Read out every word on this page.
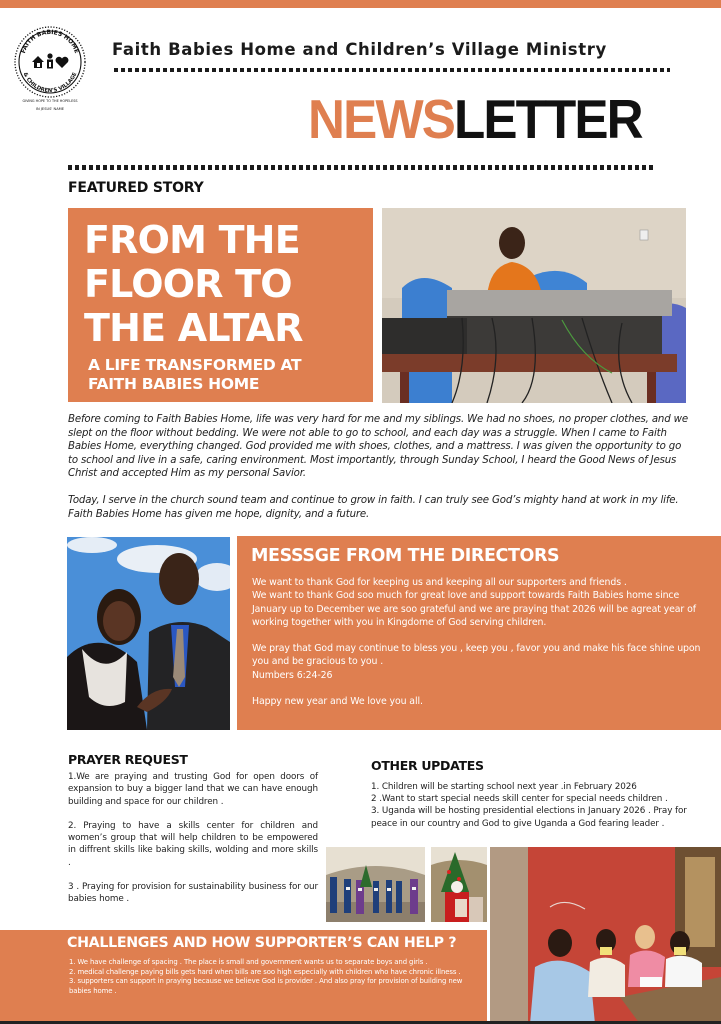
FAITH BABIES HOME
& CHILDREN'S VILLAGE
GIVING HOPE TO THE HOPELESS
IN JESUS' NAME
Faith Babies Home and Children’s Village Ministry
NEWSLETTER
FEATURED STORY
FROM THE
FLOOR TO
THE ALTAR
A LIFE TRANSFORMED AT
FAITH BABIES HOME

Before coming to Faith Babies Home, life was very hard for me and my siblings. We had no shoes, no proper clothes, and we slept on the floor without bedding. We were not able to go to school, and each day was a struggle. When I came to Faith Babies Home, everything changed. God provided me with shoes, clothes, and a mattress. I was given the opportunity to go to school and live in a safe, caring environment. Most importantly, through Sunday School, I heard the Good News of Jesus Christ and accepted Him as my personal Savior.

Today, I serve in the church sound team and continue to grow in faith. I can truly see God’s mighty hand at work in my life. Faith Babies Home has given me hope, dignity, and a future.

MESSSGE FROM THE DIRECTORS

We want to thank God for keeping us and keeping all our supporters and friends .

We want to thank God soo much for great love and support towards Faith Babies home since January up to December we are soo grateful and we are praying that 2026 will be agreat year of working together with you in Kingdome of God serving children.

We pray that God may continue to bless you , keep you , favor you and make his face shine upon you and be gracious to you .

Numbers 6:24-26

Happy new year and We love you all.

PRAYER REQUEST

1.We are praying and trusting God for open doors of expansion to buy a bigger land that we can have enough building and space for our children .

2. Praying to have a skills center for children and women’s group that will help children to be empowered in diffrent skills like baking skills, wolding and more skills .

3 . Praying for provision for sustainability business for our babies home .

OTHER UPDATES

1. Children will be starting school next year .in February 2026

2 .Want to start special needs skill center for special needs children .

3. Uganda will be hosting presidential elections in January 2026 . Pray for peace in our country and God to give Uganda a God fearing leader .

CHALLENGES AND HOW SUPPORTER’S CAN HELP ?

1. We have challenge of spacing . The place is small and government wants us to separate boys and girls .

2. medical challenge paying bills gets hard when bills are soo high especially with children who have chronic illness .

3. supporters can support in praying because we believe God is provider . And also pray for provision of building new babies home .
